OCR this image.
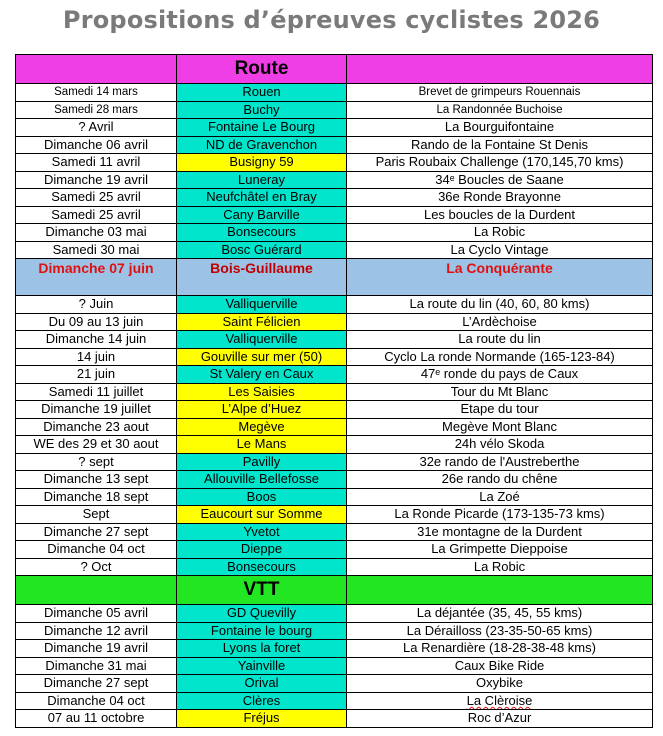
Propositions d’épreuves cyclistes 2026
	Route	
Samedi 14 mars	Rouen	Brevet de grimpeurs Rouennais
Samedi 28 mars	Buchy	La Randonnée Buchoise
? Avril	Fontaine Le Bourg	La Bourguifontaine
Dimanche 06 avril	ND de Gravenchon	Rando de la Fontaine St Denis
Samedi 11 avril	Busigny 59	Paris Roubaix Challenge (170,145,70 kms)
Dimanche 19 avril	Luneray	34ᵉ Boucles de Saane
Samedi 25 avril	Neufchâtel en Bray	36e Ronde Brayonne
Samedi 25 avril	Cany Barville	Les boucles de la Durdent
Dimanche 03 mai	Bonsecours	La Robic
Samedi 30 mai	Bosc Guérard	La Cyclo Vintage
Dimanche 07 juin	Bois-Guillaume	La Conquérante
? Juin	Valliquerville	La route du lin (40, 60, 80 kms)
Du 09 au 13 juin	Saint Félicien	L’Ardèchoise
Dimanche 14 juin	Valliquerville	La route du lin
14 juin	Gouville sur mer (50)	Cyclo La ronde Normande (165-123-84)
21 juin	St Valery en Caux	47ᵉ ronde du pays de Caux
Samedi 11 juillet	Les Saisies	Tour du Mt Blanc
Dimanche 19 juillet	L’Alpe d’Huez	Etape du tour
Dimanche 23 aout	Megève	Megève Mont Blanc
WE des 29 et 30 aout	Le Mans	24h vélo Skoda
? sept	Pavilly	32e rando de l'Austreberthe
Dimanche 13 sept	Allouville Bellefosse	26e rando du chêne
Dimanche 18 sept	Boos	La Zoé
Sept	Eaucourt sur Somme	La Ronde Picarde (173-135-73 kms)
Dimanche 27 sept	Yvetot	31e montagne de la Durdent
Dimanche 04 oct	Dieppe	La Grimpette Dieppoise
? Oct	Bonsecours	La Robic
	VTT	
Dimanche 05 avril	GD Quevilly	La déjantée (35, 45, 55 kms)
Dimanche 12 avril	Fontaine le bourg	La Dérailloss (23-35-50-65 kms)
Dimanche 19 avril	Lyons la foret	La Renardière (18-28-38-48 kms)
Dimanche 31 mai	Yainville	Caux Bike Ride
Dimanche 27 sept	Orival	Oxybike
Dimanche 04 oct	Clères	La Clèroise
07 au 11 octobre	Fréjus	Roc d’Azur
